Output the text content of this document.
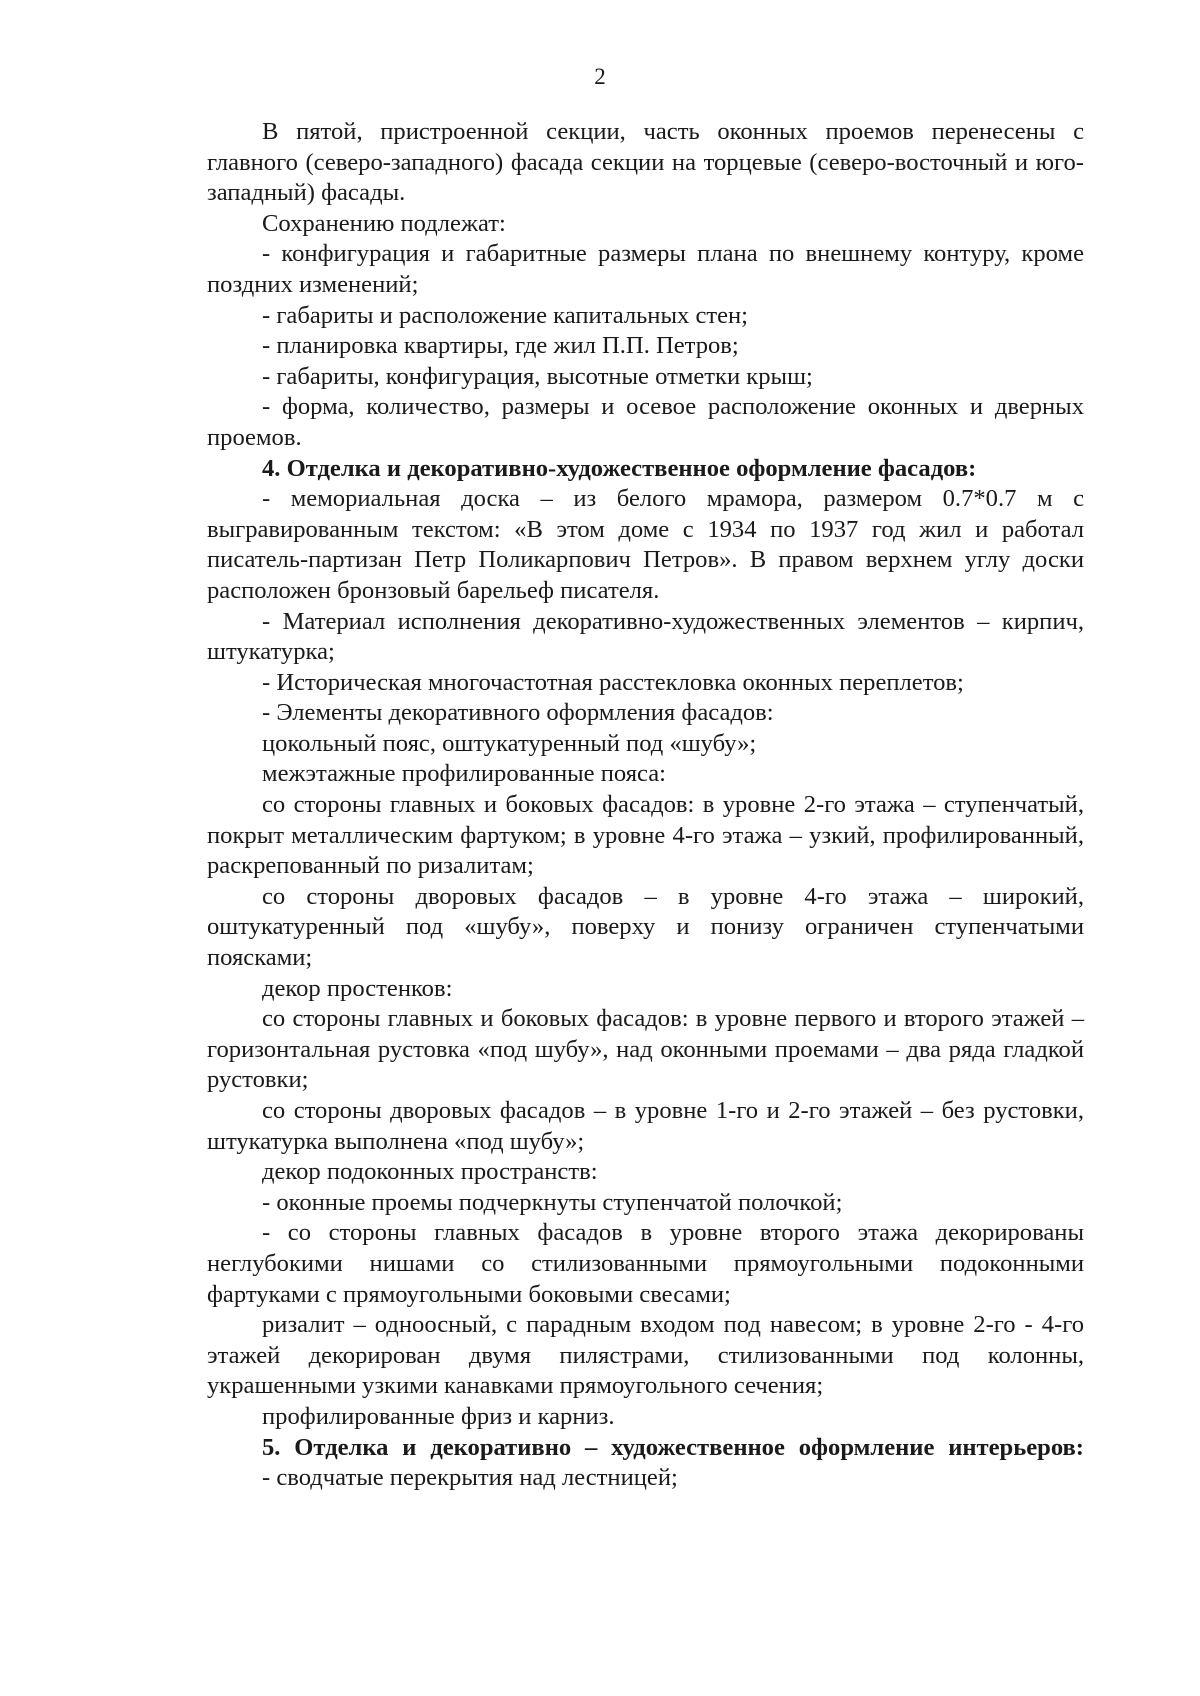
2

В пятой, пристроенной секции, часть оконных проемов перенесены с главного (северо-западного) фасада секции на торцевые (северо-восточный и юго-западный) фасады.

Сохранению подлежат:

- конфигурация и габаритные размеры плана по внешнему контуру, кроме поздних изменений;

- габариты и расположение капитальных стен;

- планировка квартиры, где жил П.П. Петров;

- габариты, конфигурация, высотные отметки крыш;

- форма, количество, размеры и осевое расположение оконных и дверных проемов.

4. Отделка и декоративно-художественное оформление фасадов:

- мемориальная доска – из белого мрамора, размером 0.7*0.7 м с выгравированным текстом: «В этом доме с 1934 по 1937 год жил и работал писатель-партизан Петр Поликарпович Петров». В правом верхнем углу доски расположен бронзовый барельеф писателя.

- Материал исполнения декоративно-художественных элементов – кирпич, штукатурка;

- Историческая многочастотная расстекловка оконных переплетов;

- Элементы декоративного оформления фасадов:

цокольный пояс, оштукатуренный под «шубу»;

межэтажные профилированные пояса:

со стороны главных и боковых фасадов: в уровне 2-го этажа – ступенчатый, покрыт металлическим фартуком; в уровне 4-го этажа – узкий, профилированный, раскрепованный по ризалитам;

со стороны дворовых фасадов – в уровне 4-го этажа – широкий, оштукатуренный под «шубу», поверху и понизу ограничен ступенчатыми поясками;

декор простенков:

со стороны главных и боковых фасадов: в уровне первого и второго этажей – горизонтальная рустовка «под шубу», над оконными проемами – два ряда гладкой рустовки;

со стороны дворовых фасадов – в уровне 1-го и 2-го этажей – без рустовки, штукатурка выполнена «под шубу»;

декор подоконных пространств:

- оконные проемы подчеркнуты ступенчатой полочкой;

- со стороны главных фасадов в уровне второго этажа декорированы неглубокими нишами со стилизованными прямоугольными подоконными фартуками с прямоугольными боковыми свесами;

ризалит – одноосный, с парадным входом под навесом; в уровне 2-го - 4-го этажей декорирован двумя пилястрами, стилизованными под колонны, украшенными узкими канавками прямоугольного сечения;

профилированные фриз и карниз.

5. Отделка и декоративно – художественное оформление интерьеров:

- сводчатые перекрытия над лестницей;
